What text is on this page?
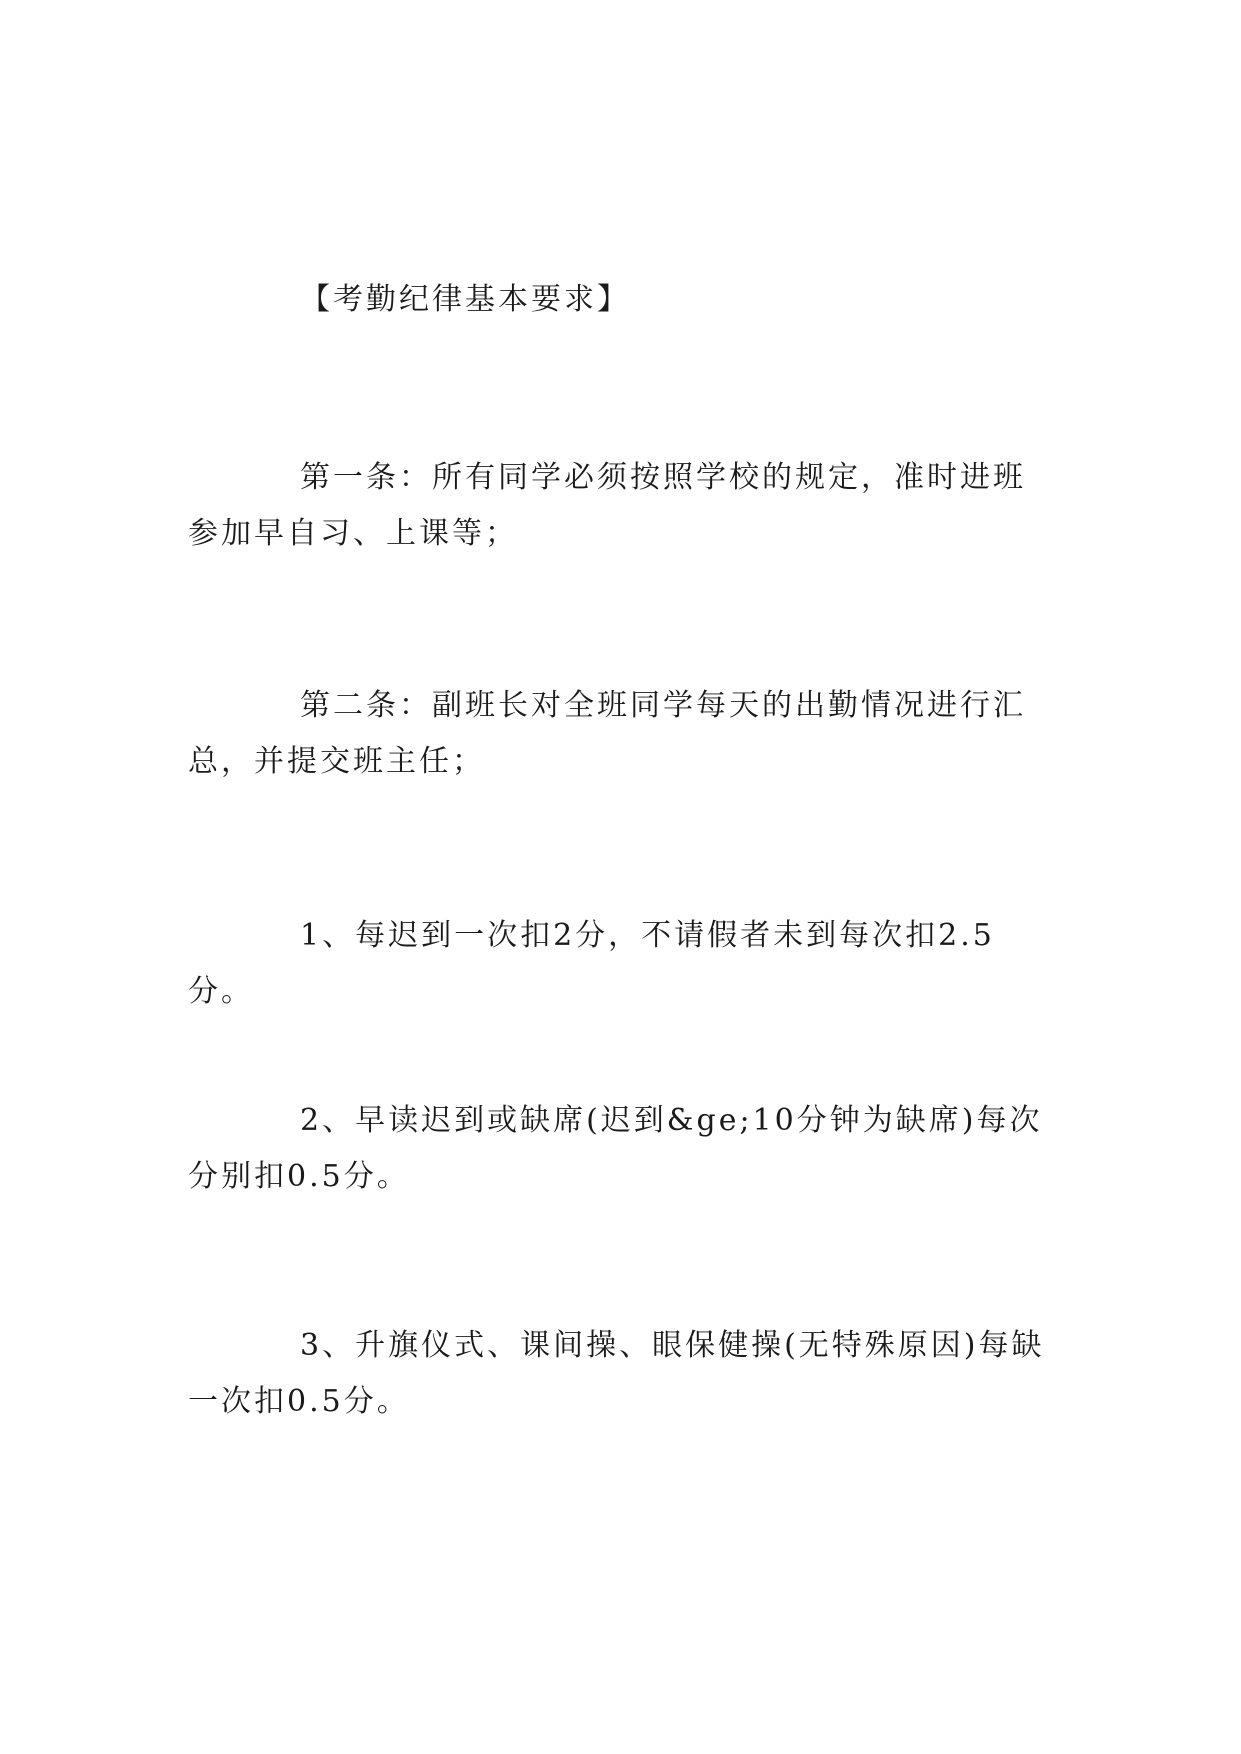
【考勤纪律基本要求】

第一条：所有同学必须按照学校的规定，准时进班参加早自习、上课等；

第二条：副班长对全班同学每天的出勤情况进行汇总，并提交班主任；

1、每迟到一次扣2分，不请假者未到每次扣2.5分。

2、早读迟到或缺席(迟到&ge;10分钟为缺席)每次分别扣0.5分。

3、升旗仪式、课间操、眼保健操(无特殊原因)每缺一次扣0.5分。
